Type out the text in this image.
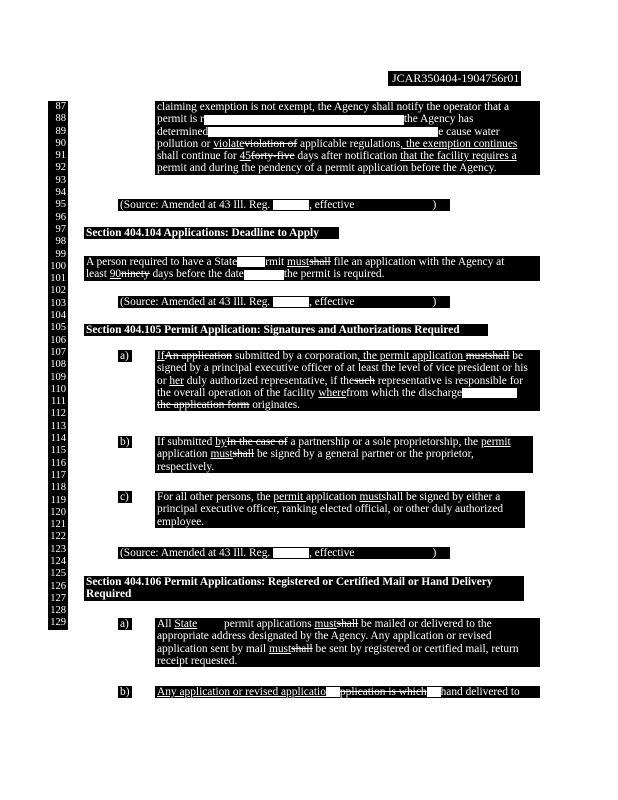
JCAR350404-1904756r01
87
88
89
90
91
92
93
94
95
96
97
98
99
100
101
102
103
104
105
106
107
108
109
110
111
112
113
114
115
116
117
118
119
120
121
122
123
124
125
126
127
128
129
claiming exemption is not exempt, the Agency shall notify the operator that a
permit is r	the Agency has
determined	e cause water
pollution or violateviolation of applicable regulations, the exemption continues
shall continue for 45forty-five days after notification that the facility requires a
permit and during the pendency of a permit application before the Agency.
(Source: Amended at 43 Ill. Reg.	, effective	)
Section 404.104 Applications: Deadline to Apply
A person required to have a State rmit mustshall file an application with the Agency at
least 90ninety days before the date	the permit is required.
(Source: Amended at 43 Ill. Reg.	, effective	)
Section 404.105 Permit Application: Signatures and Authorizations Required
a) IfAn application submitted by a corporation, the permit application mustshall be
signed by a principal executive officer of at least the level of vice president or his
or her duly authorized representative, if thesuch representative is responsible for
the overall operation of the facility wherefrom which the discharge
the application form originates.
b) If submitted byIn the case of a partnership or a sole proprietorship, the permit
application mustshall be signed by a general partner or the proprietor,
respectively.
c) For all other persons, the permit application mustshall be signed by either a
principal executive officer, ranking elected official, or other duly authorized
employee.
(Source: Amended at 43 Ill. Reg.	, effective	)
Section 404.106 Permit Applications: Registered or Certified Mail or Hand Delivery
Required
a) All State permit applications mustshall be mailed or delivered to the
appropriate address designated by the Agency. Any application or revised
application sent by mail mustshall be sent by registered or certified mail, return
receipt requested.
b) Any application or revised applicatio pplication is which hand delivered to
